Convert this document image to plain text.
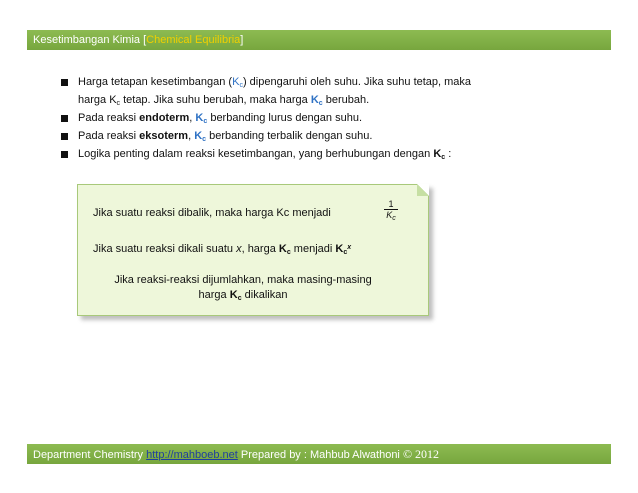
Kesetimbangan Kimia [Chemical Equilibria]
Harga tetapan kesetimbangan $(K_c)$ dipengaruhi oleh suhu. Jika suhu tetap, maka
harga $K_c$ tetap. Jika suhu berubah, maka harga $K_c$ berubah.
Pada reaksi endoterm, $K_c$ berbanding lurus dengan suhu.
Pada reaksi eksoterm, $K_c$ berbanding terbalik dengan suhu.
Logika penting dalam reaksi kesetimbangan, yang berhubungan dengan $K_c$ :
Jika suatu reaksi dibalik, maka harga Kc menjadi	$\frac{1}{K_c}$
Jika suatu reaksi dikali suatu x, harga $K_c$ menjadi $K_c^x$
Jika reaksi-reaksi dijumlahkan, maka masing-masing
harga $K_c$ dikalikan
Department Chemistry http://mahboeb.net Prepared by : Mahbub Alwathoni © 2012
